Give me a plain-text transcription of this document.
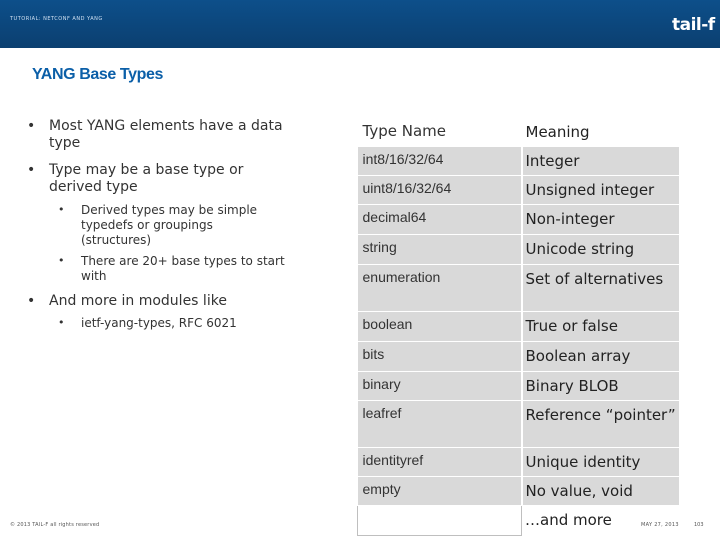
TUTORIAL: NETCONF AND YANG	tail-f
YANG Base Types
• Most YANG elements have a data type
• Type may be a base type or derived type
• Derived types may be simple typedefs or groupings (structures)
• There are 20+ base types to start with
• And more in modules like
• ietf-yang-types, RFC 6021
Type Name	Meaning
int8/16/32/64	Integer
uint8/16/32/64	Unsigned integer
decimal64	Non-integer
string	Unicode string
enumeration	Set of alternatives
boolean	True or false
bits	Boolean array
binary	Binary BLOB
leafref	Reference “pointer”
identityref	Unique identity
empty	No value, void
	…and more
© 2013 TAIL-F all rights reserved	MAY 27, 2013	103
